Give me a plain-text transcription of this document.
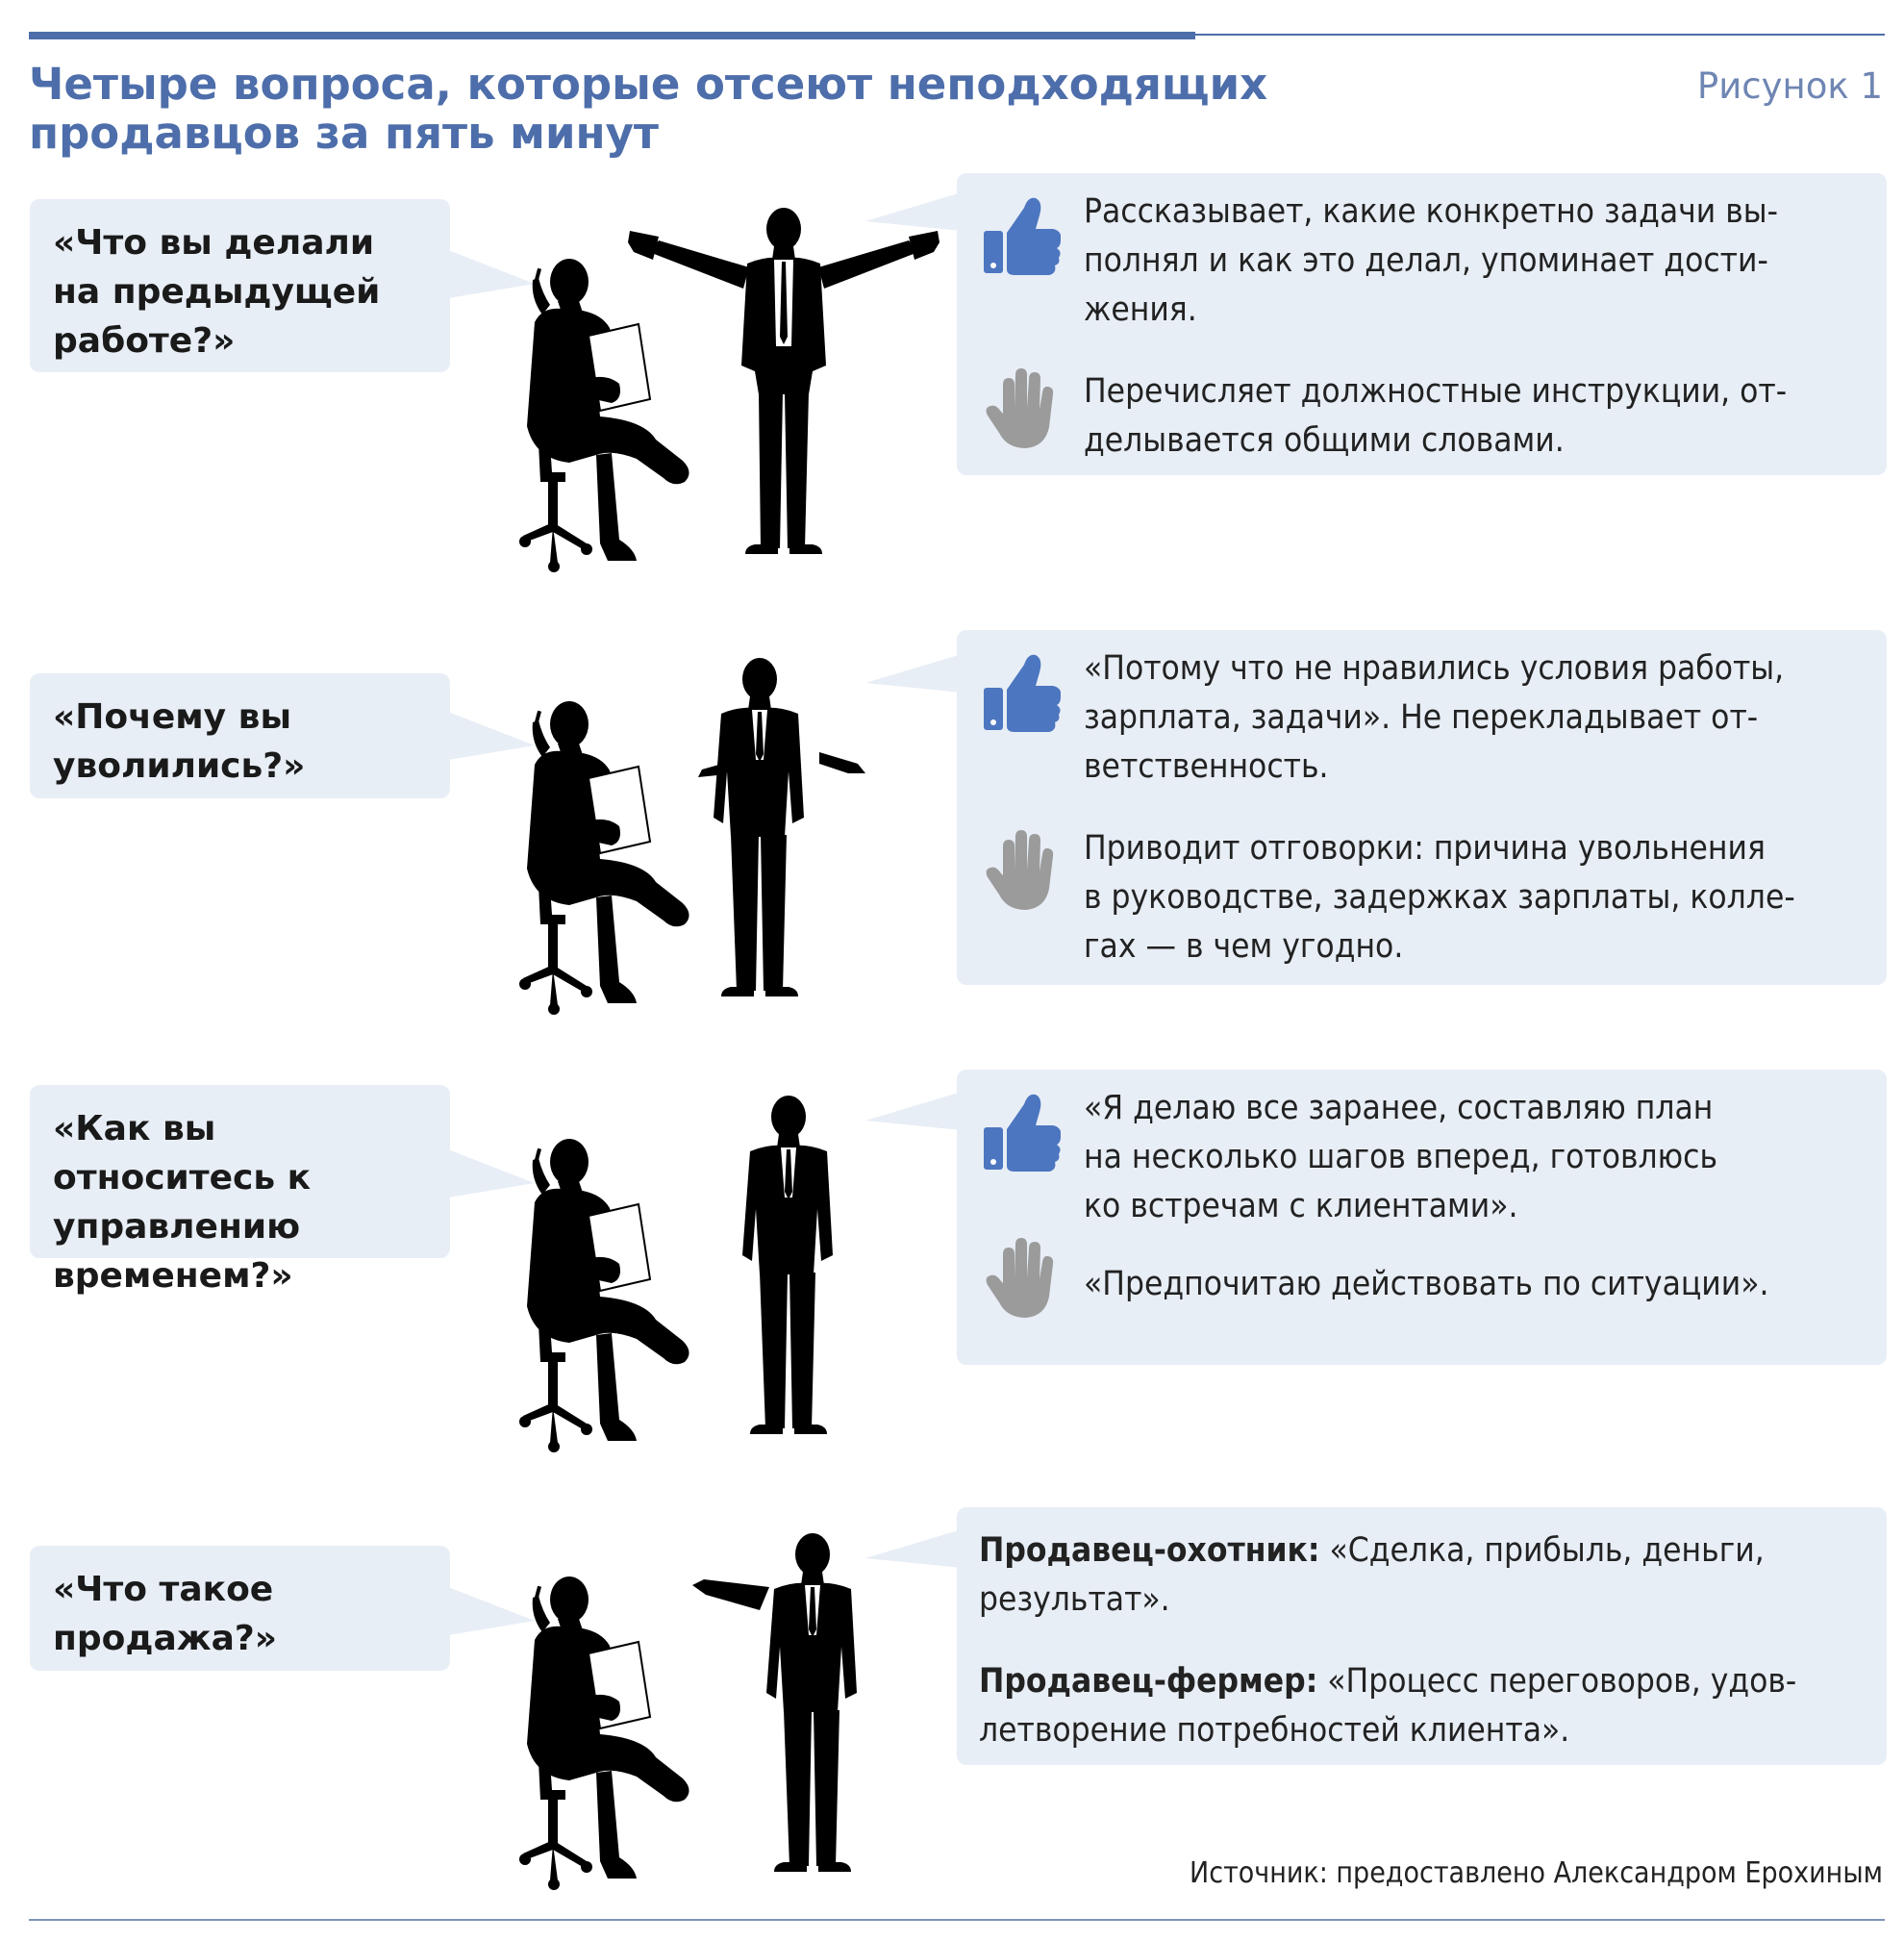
Четыре вопроса, которые отсеют неподходящих продавцов за пять минут
Рисунок 1
«Что вы делали на предыдущей работе?»
Рассказывает, какие конкретно задачи вы-
полнял и как это делал, упоминает дости-
жения.
Перечисляет должностные инструкции, от-
делывается общими словами.
«Почему вы уволились?»
«Потому что не нравились условия работы,
зарплата, задачи». Не перекладывает от-
ветственность.
Приводит отговорки: причина увольнения
в руководстве, задержках зарплаты, колле-
гах — в чем угодно.
«Как вы относитесь к управлению временем?»
«Я делаю все заранее, составляю план
на несколько шагов вперед, готовлюсь
ко встречам с клиентами».
«Предпочитаю действовать по ситуации».
«Что такое продажа?»
Продавец-охотник: «Сделка, прибыль, деньги,
результат».
Продавец-фермер: «Процесс переговоров, удов-
летворение потребностей клиента».
Источник: предоставлено Александром Ерохиным
